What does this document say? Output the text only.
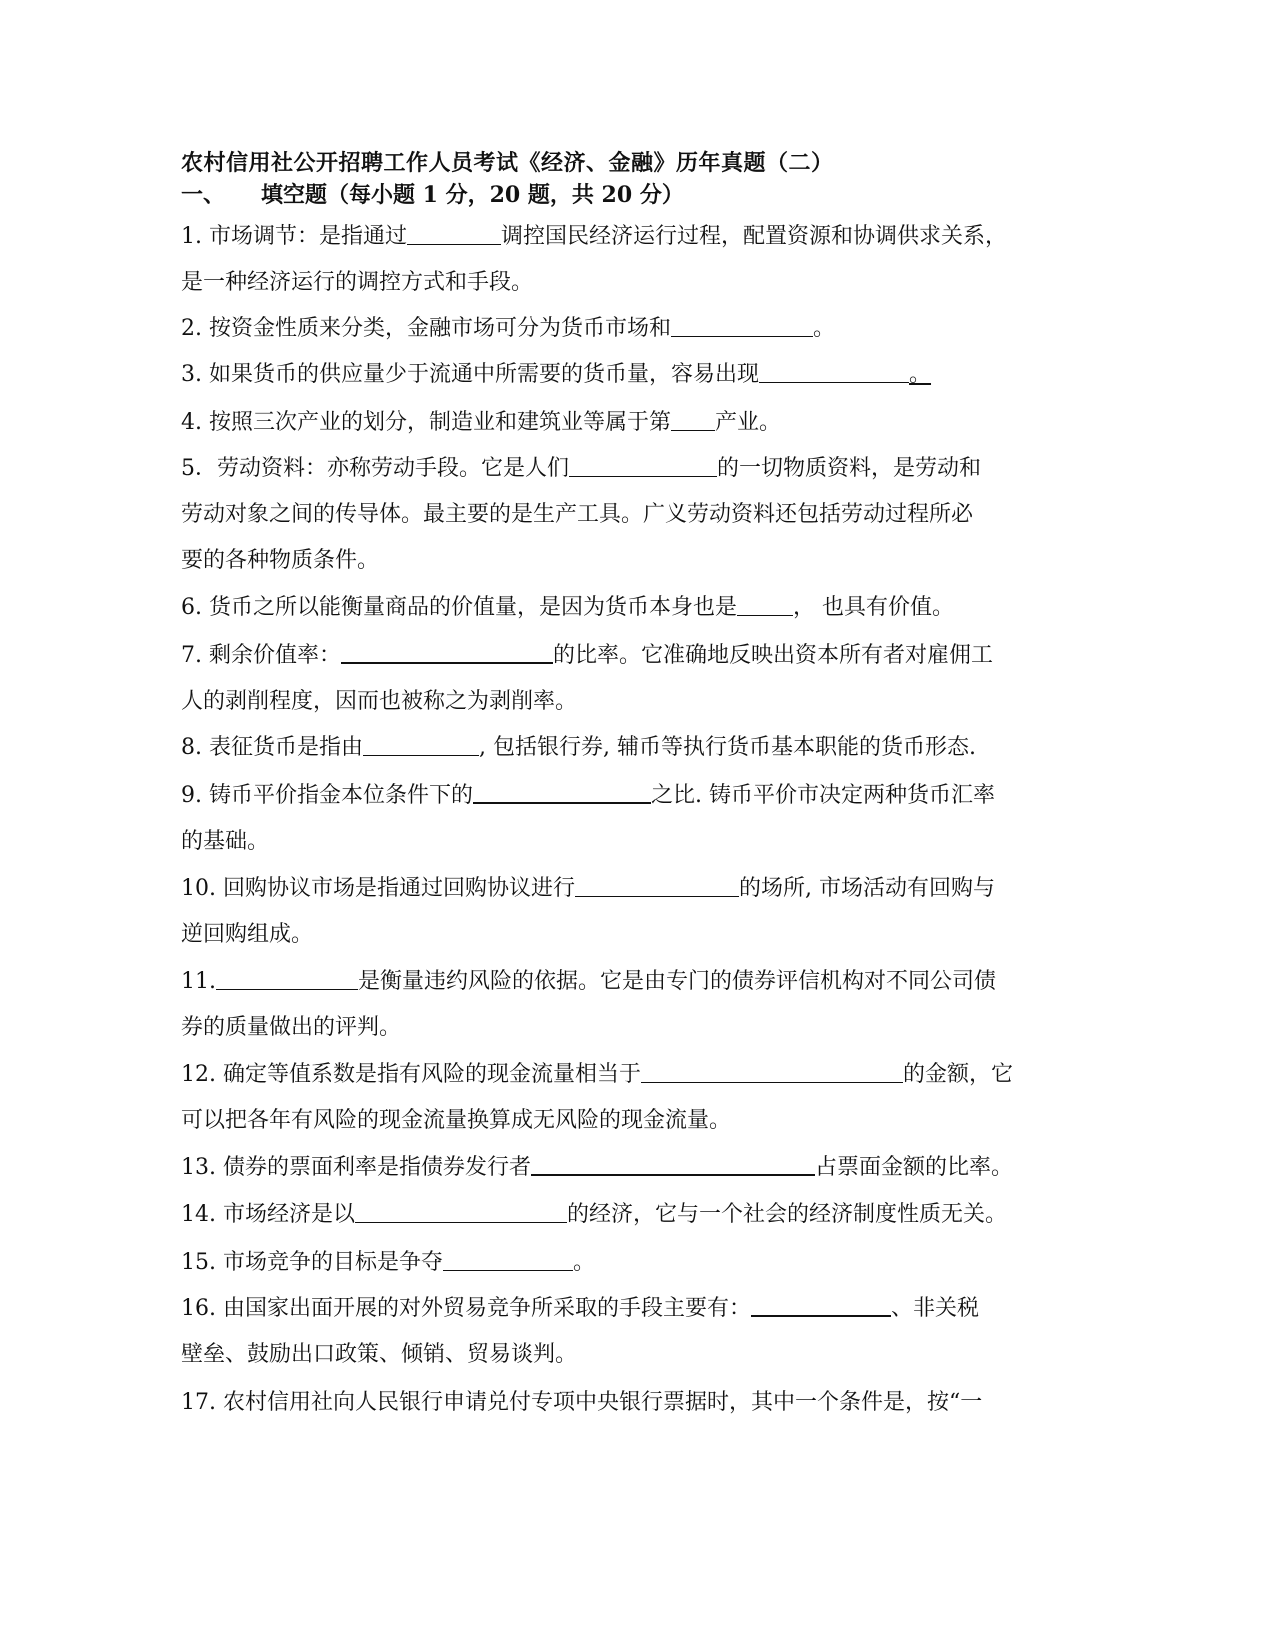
农村信用社公开招聘工作人员考试《经济、金融》历年真题（二）
一、 填空题（每小题 1 分，20 题，共 20 分）
1. 市场调节：是指通过	调控国民经济运行过程，配置资源和协调供求关系，
是一种经济运行的调控方式和手段。
2. 按资金性质来分类，金融市场可分为货币市场和	。
3. 如果货币的供应量少于流通中所需要的货币量，容易出现	。
4. 按照三次产业的划分，制造业和建筑业等属于第 产业。
5．劳动资料：亦称劳动手段。它是人们	的一切物质资料，是劳动和
劳动对象之间的传导体。最主要的是生产工具。广义劳动资料还包括劳动过程所必
要的各种物质条件。
6. 货币之所以能衡量商品的价值量，是因为货币本身也是	， 也具有价值。
7. 剩余价值率：	的比率。它准确地反映出资本所有者对雇佣工
人的剥削程度，因而也被称之为剥削率。
8. 表征货币是指由	, 包括银行券, 辅币等执行货币基本职能的货币形态.
9. 铸币平价指金本位条件下的	之比. 铸币平价市决定两种货币汇率
的基础。
10. 回购协议市场是指通过回购协议进行	的场所, 市场活动有回购与
逆回购组成。
11.	是衡量违约风险的依据。它是由专门的债券评信机构对不同公司债
券的质量做出的评判。
12. 确定等值系数是指有风险的现金流量相当于	的金额，它
可以把各年有风险的现金流量换算成无风险的现金流量。
13. 债券的票面利率是指债券发行者	占票面金额的比率。
14. 市场经济是以	的经济，它与一个社会的经济制度性质无关。
15. 市场竞争的目标是争夺	。
16. 由国家出面开展的对外贸易竞争所采取的手段主要有：	、非关税
壁垒、鼓励出口政策、倾销、贸易谈判。
17. 农村信用社向人民银行申请兑付专项中央银行票据时，其中一个条件是，按“一
